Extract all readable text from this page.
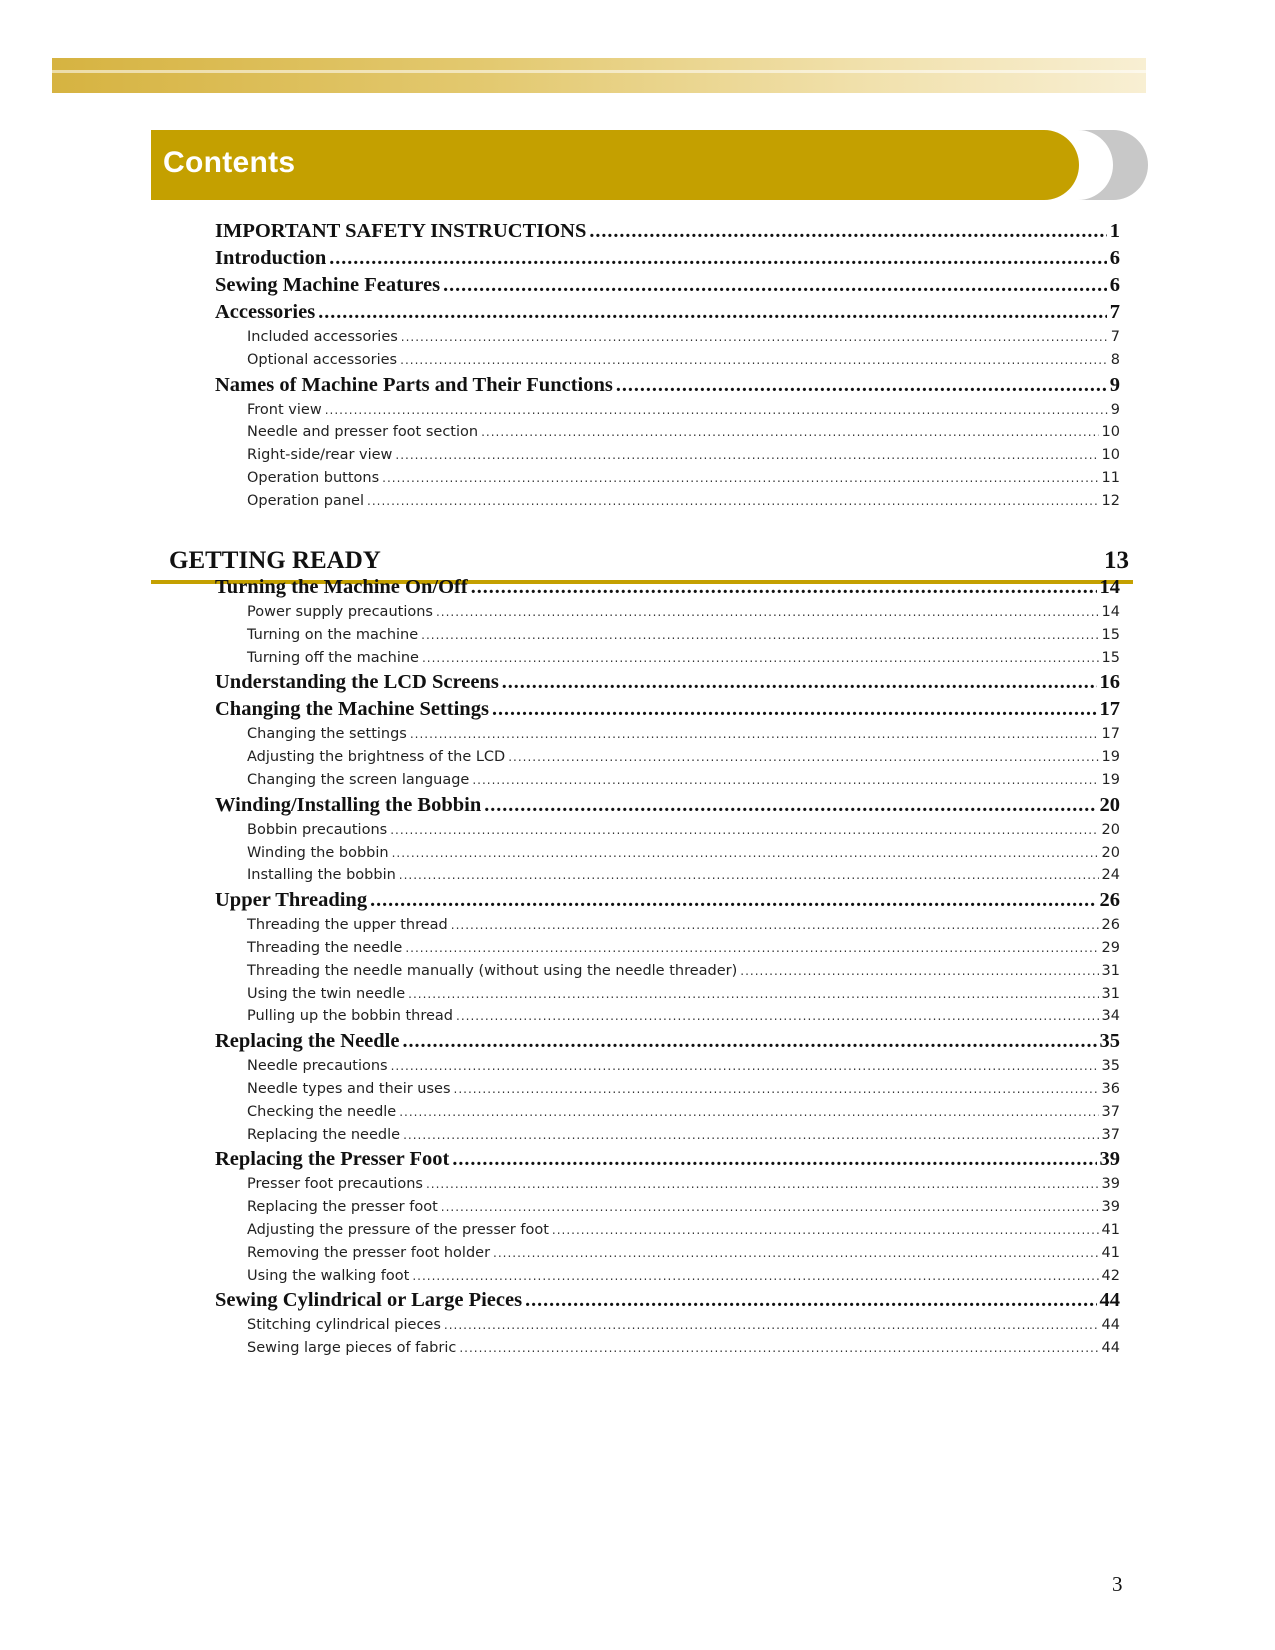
Contents
IMPORTANT SAFETY INSTRUCTIONS .....	1
Introduction .....	6
Sewing Machine Features .....	6
Accessories .....	7
Included accessories .....	7
Optional accessories .....	8
Names of Machine Parts and Their Functions .....	9
Front view .....	9
Needle and presser foot section .....	10
Right-side/rear view .....	10
Operation buttons .....	11
Operation panel .....	12
GETTING READY	13
Turning the Machine On/Off .....	14
Power supply precautions .....	14
Turning on the machine .....	15
Turning off the machine .....	15
Understanding the LCD Screens .....	16
Changing the Machine Settings .....	17
Changing the settings .....	17
Adjusting the brightness of the LCD .....	19
Changing the screen language .....	19
Winding/Installing the Bobbin .....	20
Bobbin precautions .....	20
Winding the bobbin .....	20
Installing the bobbin .....	24
Upper Threading .....	26
Threading the upper thread .....	26
Threading the needle .....	29
Threading the needle manually (without using the needle threader) .....	31
Using the twin needle .....	31
Pulling up the bobbin thread .....	34
Replacing the Needle .....	35
Needle precautions .....	35
Needle types and their uses .....	36
Checking the needle .....	37
Replacing the needle .....	37
Replacing the Presser Foot .....	39
Presser foot precautions .....	39
Replacing the presser foot .....	39
Adjusting the pressure of the presser foot .....	41
Removing the presser foot holder .....	41
Using the walking foot .....	42
Sewing Cylindrical or Large Pieces .....	44
Stitching cylindrical pieces .....	44
Sewing large pieces of fabric .....	44
3
